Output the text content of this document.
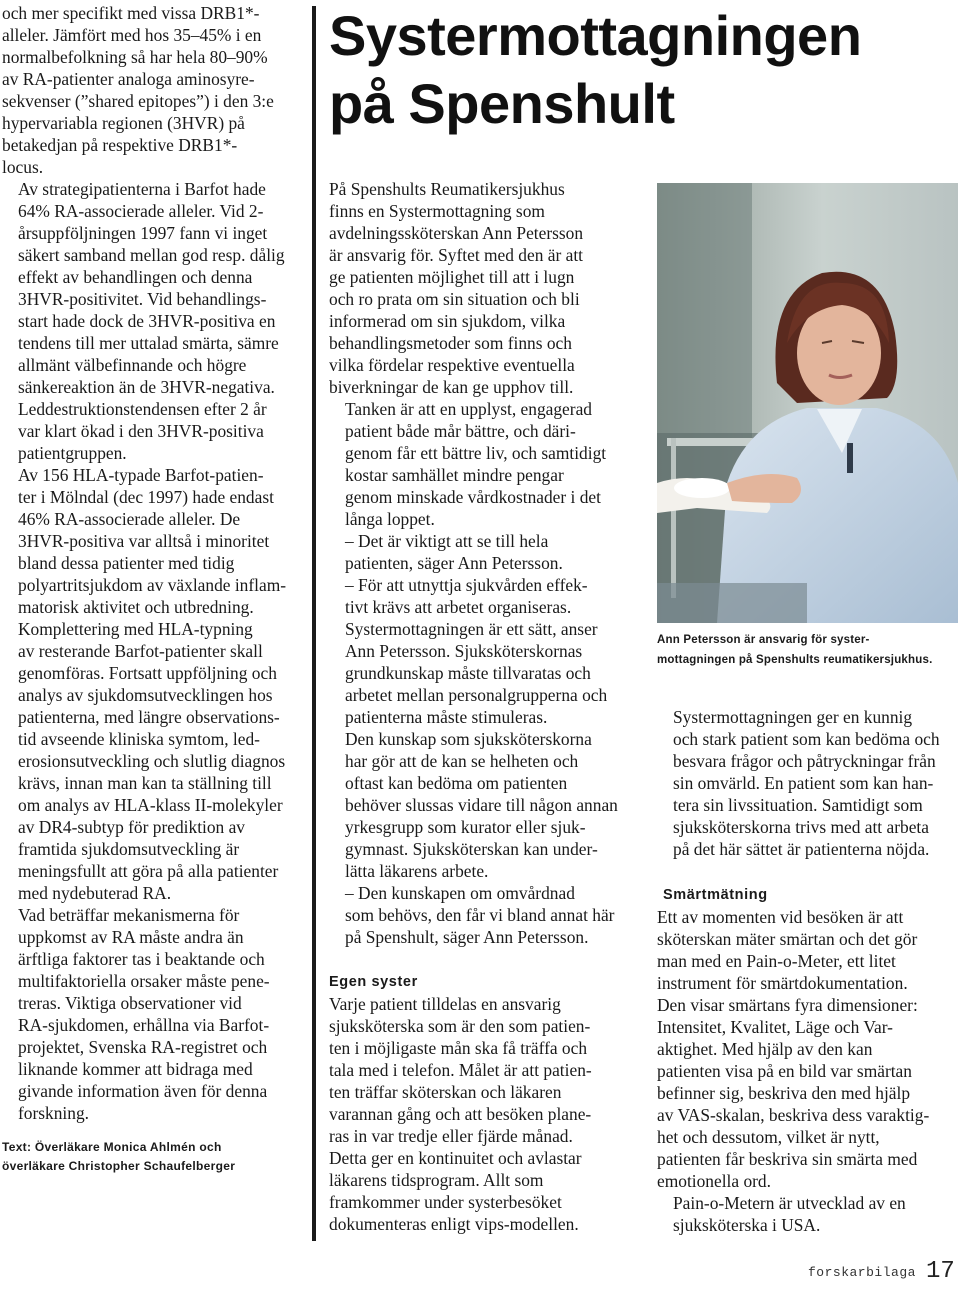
och mer specifikt med vissa DRB1*-
alleler. Jämfört med hos 35–45% i en
normalbefolkning så har hela 80–90%
av RA-patienter analoga aminosyre-
sekvenser (”shared epitopes”) i den 3:e
hypervariabla regionen (3HVR) på
betakedjan på respektive DRB1*-
locus.

Av strategipatienterna i Barfot hade
64% RA-associerade alleler. Vid 2-
årsuppföljningen 1997 fann vi inget
säkert samband mellan god resp. dålig
effekt av behandlingen och denna
3HVR-positivitet. Vid behandlings-
start hade dock de 3HVR-positiva en
tendens till mer uttalad smärta, sämre
allmänt välbefinnande och högre
sänkereaktion än de 3HVR-negativa.
Leddestruktionstendensen efter 2 år
var klart ökad i den 3HVR-positiva
patientgruppen.

Av 156 HLA-typade Barfot-patien-
ter i Mölndal (dec 1997) hade endast
46% RA-associerade alleler. De
3HVR-positiva var alltså i minoritet
bland dessa patienter med tidig
polyartritsjukdom av växlande inflam-
matorisk aktivitet och utbredning.

Komplettering med HLA-typning
av resterande Barfot-patienter skall
genomföras. Fortsatt uppföljning och
analys av sjukdomsutvecklingen hos
patienterna, med längre observations-
tid avseende kliniska symtom, led-
erosionsutveckling och slutlig diagnos
krävs, innan man kan ta ställning till
om analys av HLA-klass II-molekyler
av DR4-subtyp för prediktion av
framtida sjukdomsutveckling är
meningsfullt att göra på alla patienter
med nydebuterad RA.

Vad beträffar mekanismerna för
uppkomst av RA måste andra än
ärftliga faktorer tas i beaktande och
multifaktoriella orsaker måste pene-
treras. Viktiga observationer vid
RA-sjukdomen, erhållna via Barfot-
projektet, Svenska RA-registret och
liknande kommer att bidraga med
givande information även för denna
forskning.

Text: Överläkare Monica Ahlmén och
överläkare Christopher Schaufelberger
Systermottagningen
på Spenshult

På Spenshults Reumatikersjukhus
finns en Systermottagning som
avdelningssköterskan Ann Petersson
är ansvarig för. Syftet med den är att
ge patienten möjlighet till att i lugn
och ro prata om sin situation och bli
informerad om sin sjukdom, vilka
behandlingsmetoder som finns och
vilka fördelar respektive eventuella
biverkningar de kan ge upphov till.

Tanken är att en upplyst, engagerad
patient både mår bättre, och däri-
genom får ett bättre liv, och samtidigt
kostar samhället mindre pengar
genom minskade vårdkostnader i det
långa loppet.

– Det är viktigt att se till hela
patienten, säger Ann Petersson.

– För att utnyttja sjukvården effek-
tivt krävs att arbetet organiseras.
Systermottagningen är ett sätt, anser
Ann Petersson. Sjuksköterskornas
grundkunskap måste tillvaratas och
arbetet mellan personalgrupperna och
patienterna måste stimuleras.
Den kunskap som sjuksköterskorna
har gör att de kan se helheten och
oftast kan bedöma om patienten
behöver slussas vidare till någon annan
yrkesgrupp som kurator eller sjuk-
gymnast. Sjuksköterskan kan under-
lätta läkarens arbete.

– Den kunskapen om omvårdnad
som behövs, den får vi bland annat här
på Spenshult, säger Ann Petersson.

Egen syster

Varje patient tilldelas en ansvarig
sjuksköterska som är den som patien-
ten i möjligaste mån ska få träffa och
tala med i telefon. Målet är att patien-
ten träffar sköterskan och läkaren
varannan gång och att besöken plane-
ras in var tredje eller fjärde månad.
Detta ger en kontinuitet och avlastar
läkarens tidsprogram. Allt som
framkommer under systerbesöket
dokumenteras enligt vips-modellen.

Ann Petersson är ansvarig för syster-
mottagningen på Spenshults reumatikersjukhus.

Systermottagningen ger en kunnig
och stark patient som kan bedöma och
besvara frågor och påtryckningar från
sin omvärld. En patient som kan han-
tera sin livssituation. Samtidigt som
sjuksköterskorna trivs med att arbeta
på det här sättet är patienterna nöjda.

Smärtmätning

Ett av momenten vid besöken är att
sköterskan mäter smärtan och det gör
man med en Pain-o-Meter, ett litet
instrument för smärtdokumentation.
Den visar smärtans fyra dimensioner:
Intensitet, Kvalitet, Läge och Var-
aktighet. Med hjälp av den kan
patienten visa på en bild var smärtan
befinner sig, beskriva den med hjälp
av VAS-skalan, beskriva dess varaktig-
het och dessutom, vilket är nytt,
patienten får beskriva sin smärta med
emotionella ord.

Pain-o-Metern är utvecklad av en
sjuksköterska i USA.

forskarbilaga 17
